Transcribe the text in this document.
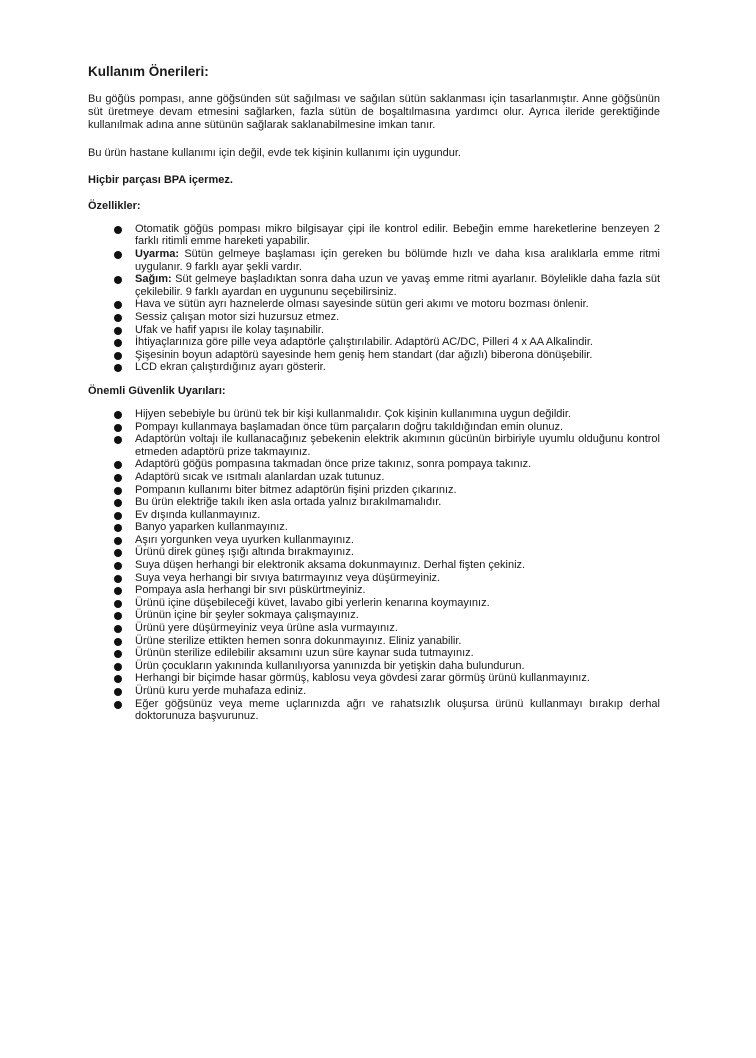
Kullanım Önerileri:

Bu göğüs pompası, anne göğsünden süt sağılması ve sağılan sütün saklanması için tasarlanmıştır. Anne göğsünün süt üretmeye devam etmesini sağlarken, fazla sütün de boşaltılmasına yardımcı olur. Ayrıca ileride gerektiğinde kullanılmak adına anne sütünün sağlarak saklanabilmesine imkan tanır.

Bu ürün hastane kullanımı için değil, evde tek kişinin kullanımı için uygundur.

Hiçbir parçası BPA içermez.

Özellikler:
Otomatik göğüs pompası mikro bilgisayar çipi ile kontrol edilir. Bebeğin emme hareketlerine benzeyen 2 farklı ritimli emme hareketi yapabilir.
Uyarma: Sütün gelmeye başlaması için gereken bu bölümde hızlı ve daha kısa aralıklarla emme ritmi uygulanır. 9 farklı ayar şekli vardır.
Sağım: Süt gelmeye başladıktan sonra daha uzun ve yavaş emme ritmi ayarlanır. Böylelikle daha fazla süt çekilebilir. 9 farklı ayardan en uygununu seçebilirsiniz.
Hava ve sütün ayrı haznelerde olması sayesinde sütün geri akımı ve motoru bozması önlenir.
Sessiz çalışan motor sizi huzursuz etmez.
Ufak ve hafif yapısı ile kolay taşınabilir.
İhtiyaçlarınıza göre pille veya adaptörle çalıştırılabilir. Adaptörü AC/DC, Pilleri 4 x AA Alkalindir.
Şişesinin boyun adaptörü sayesinde hem geniş hem standart (dar ağızlı) biberona dönüşebilir.
LCD ekran çalıştırdığınız ayarı gösterir.
Önemli Güvenlik Uyarıları:
Hijyen sebebiyle bu ürünü tek bir kişi kullanmalıdır. Çok kişinin kullanımına uygun değildir.
Pompayı kullanmaya başlamadan önce tüm parçaların doğru takıldığından emin olunuz.
Adaptörün voltajı ile kullanacağınız şebekenin elektrik akımının gücünün birbiriyle uyumlu olduğunu kontrol etmeden adaptörü prize takmayınız.
Adaptörü göğüs pompasına takmadan önce prize takınız, sonra pompaya takınız.
Adaptörü sıcak ve ısıtmalı alanlardan uzak tutunuz.
Pompanın kullanımı biter bitmez adaptörün fişini prizden çıkarınız.
Bu ürün elektriğe takılı iken asla ortada yalnız bırakılmamalıdır.
Ev dışında kullanmayınız.
Banyo yaparken kullanmayınız.
Aşırı yorgunken veya uyurken kullanmayınız.
Ürünü direk güneş ışığı altında bırakmayınız.
Suya düşen herhangi bir elektronik aksama dokunmayınız. Derhal fişten çekiniz.
Suya veya herhangi bir sıvıya batırmayınız veya düşürmeyiniz.
Pompaya asla herhangi bir sıvı püskürtmeyiniz.
Ürünü içine düşebileceği küvet, lavabo gibi yerlerin kenarına koymayınız.
Ürünün içine bir şeyler sokmaya çalışmayınız.
Ürünü yere düşürmeyiniz veya ürüne asla vurmayınız.
Ürüne sterilize ettikten hemen sonra dokunmayınız. Eliniz yanabilir.
Ürünün sterilize edilebilir aksamını uzun süre kaynar suda tutmayınız.
Ürün çocukların yakınında kullanılıyorsa yanınızda bir yetişkin daha bulundurun.
Herhangi bir biçimde hasar görmüş, kablosu veya gövdesi zarar görmüş ürünü kullanmayınız.
Ürünü kuru yerde muhafaza ediniz.
Eğer göğsünüz veya meme uçlarınızda ağrı ve rahatsızlık oluşursa ürünü kullanmayı bırakıp derhal doktorunuza başvurunuz.
